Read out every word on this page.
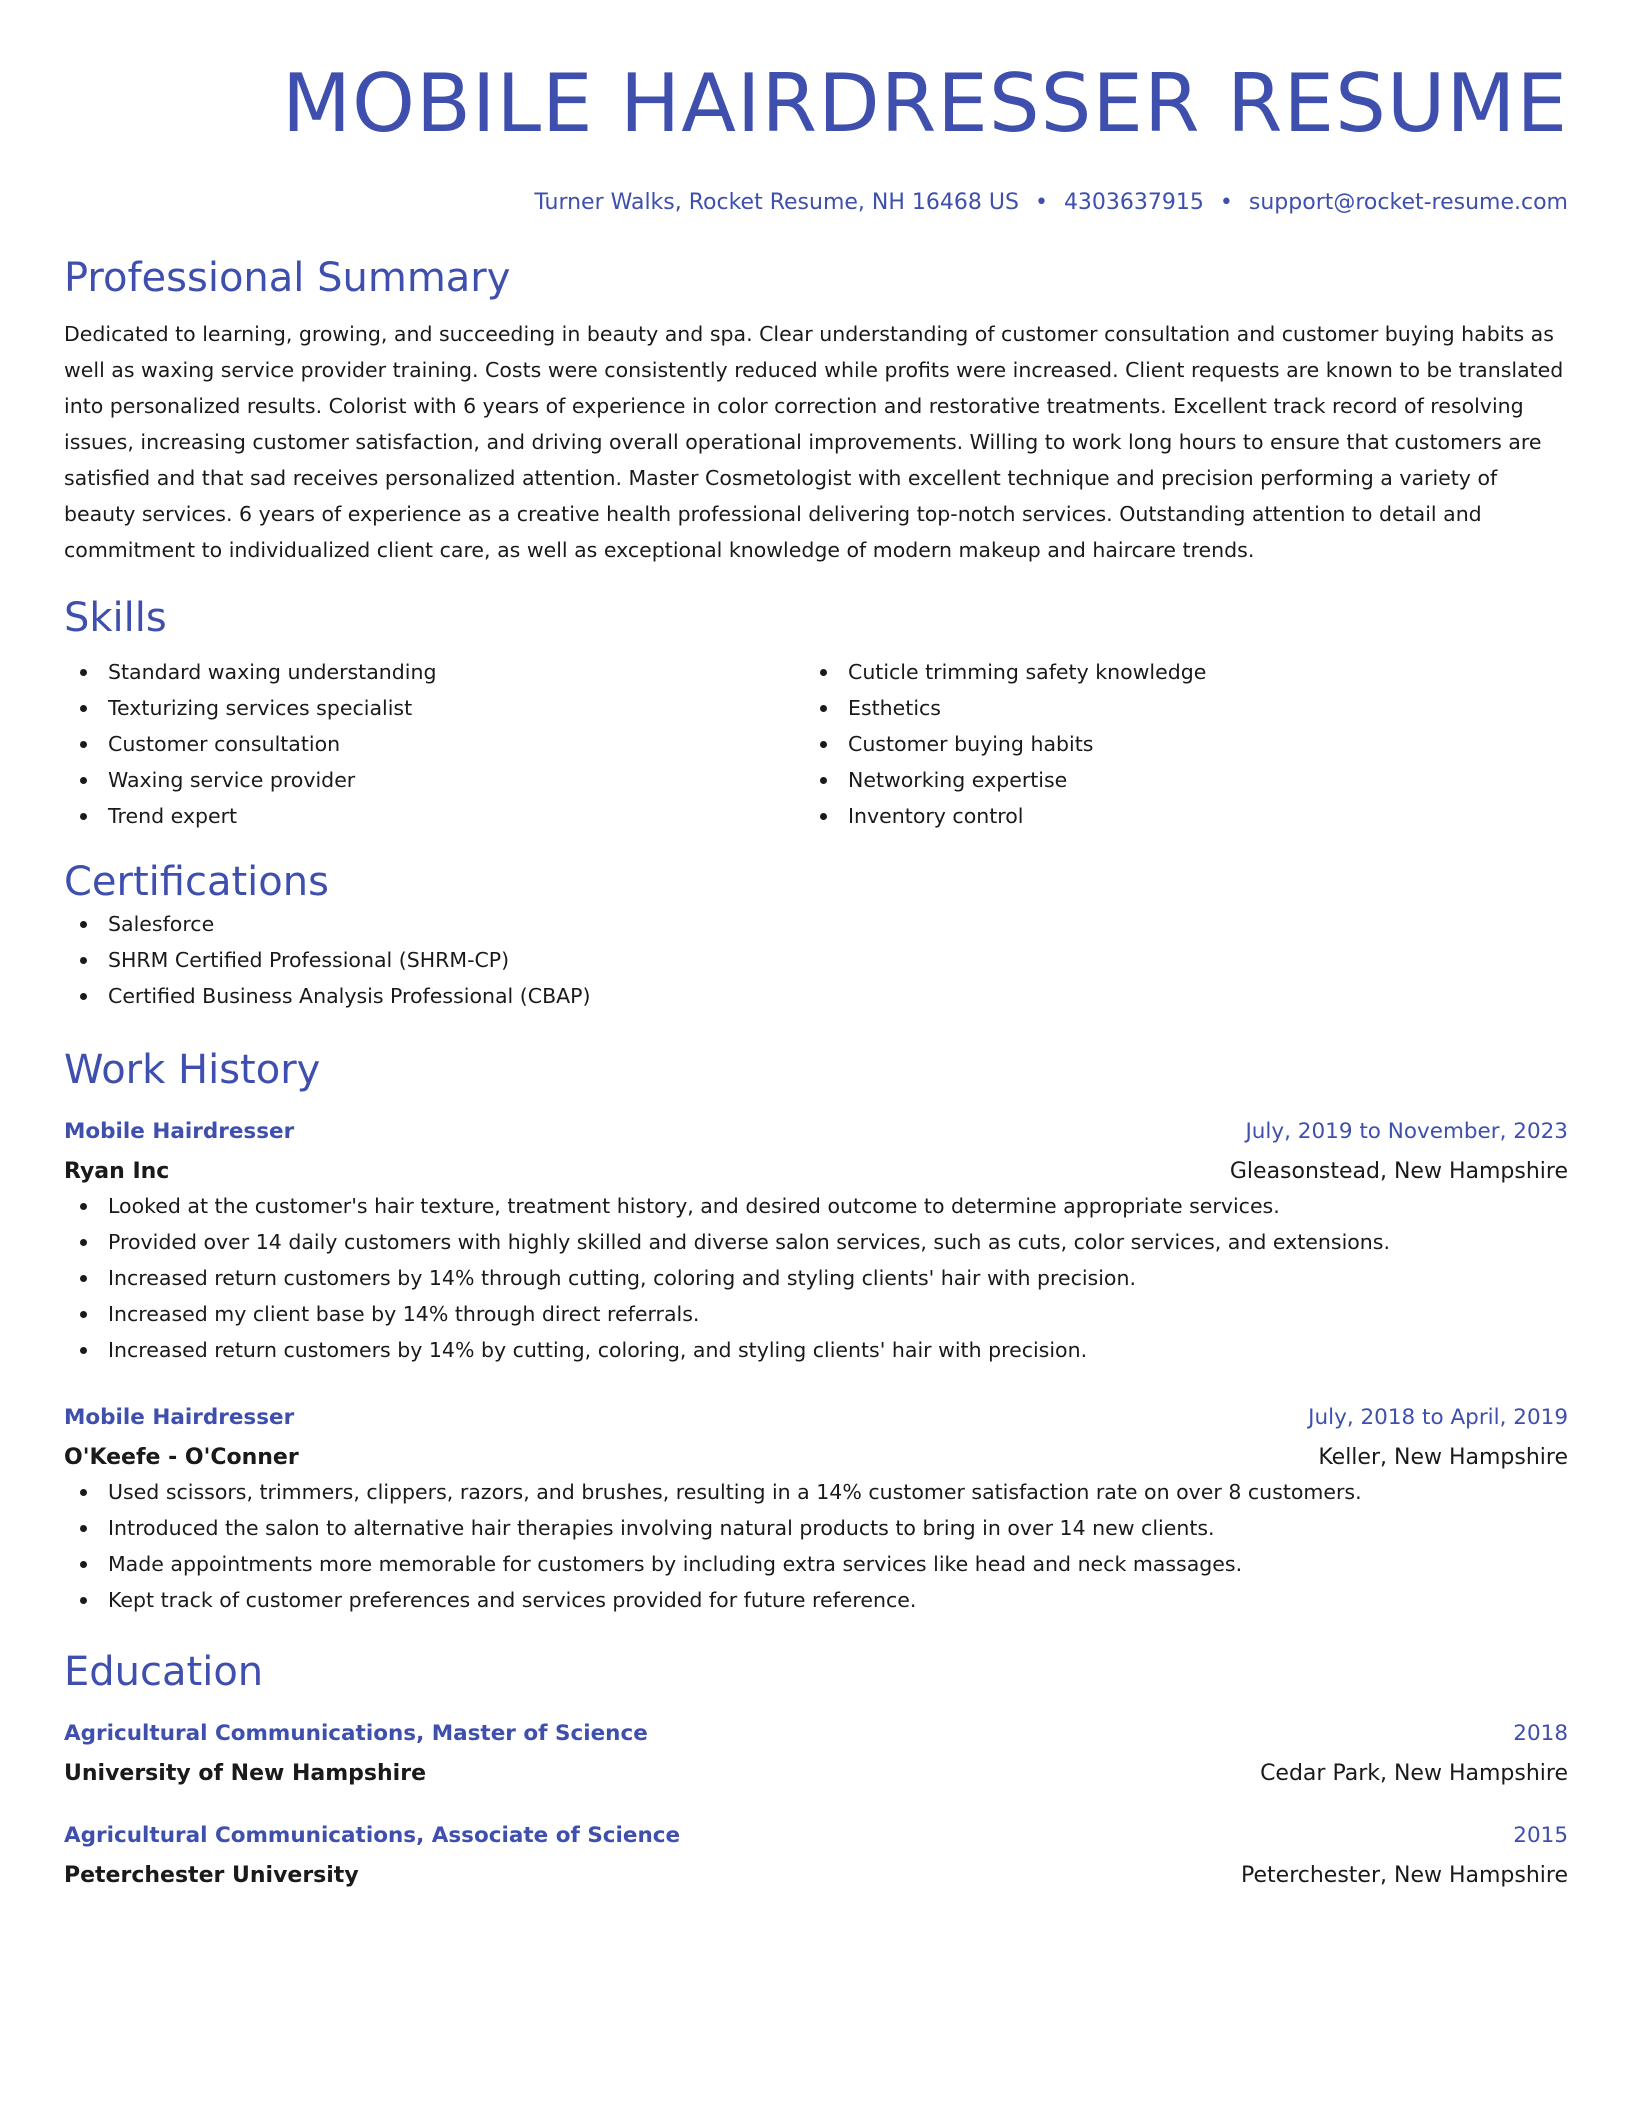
MOBILE HAIRDRESSER RESUME
Turner Walks, Rocket Resume, NH 16468 US • 4303637915 • support@rocket-resume.com
Professional Summary
Dedicated to learning, growing, and succeeding in beauty and spa. Clear understanding of customer consultation and customer buying habits as well as waxing service provider training. Costs were consistently reduced while profits were increased. Client requests are known to be translated into personalized results. Colorist with 6 years of experience in color correction and restorative treatments. Excellent track record of resolving issues, increasing customer satisfaction, and driving overall operational improvements. Willing to work long hours to ensure that customers are satisfied and that sad receives personalized attention. Master Cosmetologist with excellent technique and precision performing a variety of beauty services. 6 years of experience as a creative health professional delivering top-notch services. Outstanding attention to detail and commitment to individualized client care, as well as exceptional knowledge of modern makeup and haircare trends.
Skills
Standard waxing understanding
Texturizing services specialist
Customer consultation
Waxing service provider
Trend expert
Cuticle trimming safety knowledge
Esthetics
Customer buying habits
Networking expertise
Inventory control
Certifications
Salesforce
SHRM Certified Professional (SHRM-CP)
Certified Business Analysis Professional (CBAP)
Work History
Mobile Hairdresser	July, 2019 to November, 2023
Ryan Inc	Gleasonstead, New Hampshire
Looked at the customer's hair texture, treatment history, and desired outcome to determine appropriate services.
Provided over 14 daily customers with highly skilled and diverse salon services, such as cuts, color services, and extensions.
Increased return customers by 14% through cutting, coloring and styling clients' hair with precision.
Increased my client base by 14% through direct referrals.
Increased return customers by 14% by cutting, coloring, and styling clients' hair with precision.
Mobile Hairdresser	July, 2018 to April, 2019
O'Keefe - O'Conner	Keller, New Hampshire
Used scissors, trimmers, clippers, razors, and brushes, resulting in a 14% customer satisfaction rate on over 8 customers.
Introduced the salon to alternative hair therapies involving natural products to bring in over 14 new clients.
Made appointments more memorable for customers by including extra services like head and neck massages.
Kept track of customer preferences and services provided for future reference.
Education
Agricultural Communications, Master of Science	2018
University of New Hampshire	Cedar Park, New Hampshire
Agricultural Communications, Associate of Science	2015
Peterchester University	Peterchester, New Hampshire
